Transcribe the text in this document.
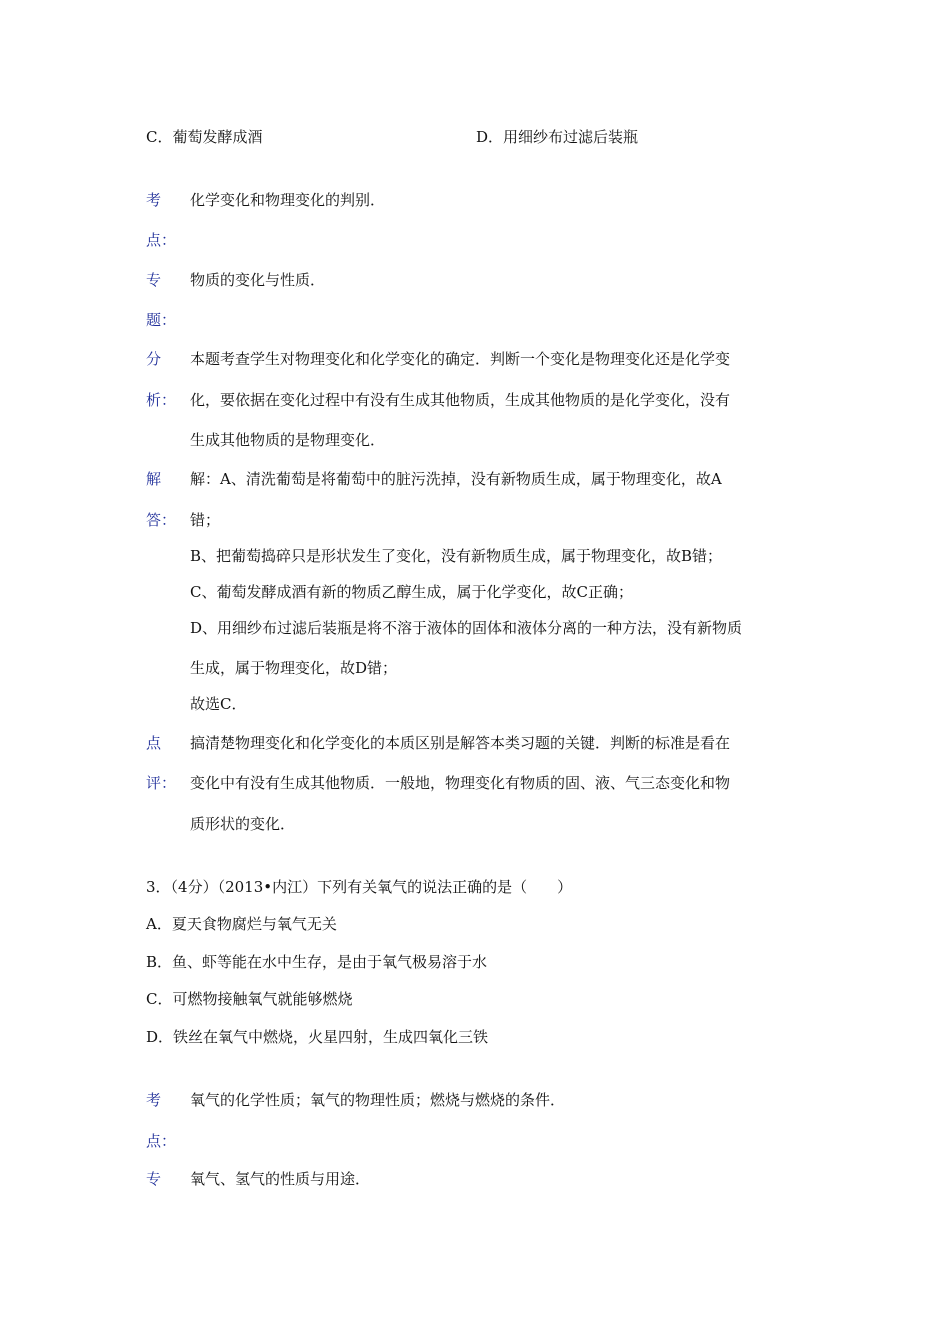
C．葡萄发酵成酒	D．用细纱布过滤后装瓶
考
点：
化学变化和物理变化的判别．
专
题：
物质的变化与性质．
分
析：
本题考查学生对物理变化和化学变化的确定．判断一个变化是物理变化还是化学变
化，要依据在变化过程中有没有生成其他物质，生成其他物质的是化学变化，没有
生成其他物质的是物理变化．
解
答：
解：A、清洗葡萄是将葡萄中的脏污洗掉，没有新物质生成，属于物理变化，故A
错；
B、把葡萄捣碎只是形状发生了变化，没有新物质生成，属于物理变化，故B错；
C、葡萄发酵成酒有新的物质乙醇生成，属于化学变化，故C正确；
D、用细纱布过滤后装瓶是将不溶于液体的固体和液体分离的一种方法，没有新物质
生成，属于物理变化，故D错；
故选C．
点
评：
搞清楚物理变化和化学变化的本质区别是解答本类习题的关键．判断的标准是看在
变化中有没有生成其他物质．一般地，物理变化有物质的固、液、气三态变化和物
质形状的变化．
3．（4分）（2013•内江）下列有关氧气的说法正确的是（　　）
A．夏天食物腐烂与氧气无关
B．鱼、虾等能在水中生存，是由于氧气极易溶于水
C．可燃物接触氧气就能够燃烧
D．铁丝在氧气中燃烧，火星四射，生成四氧化三铁
考
点：
氧气的化学性质；氧气的物理性质；燃烧与燃烧的条件．
专 氧气、氢气的性质与用途．
